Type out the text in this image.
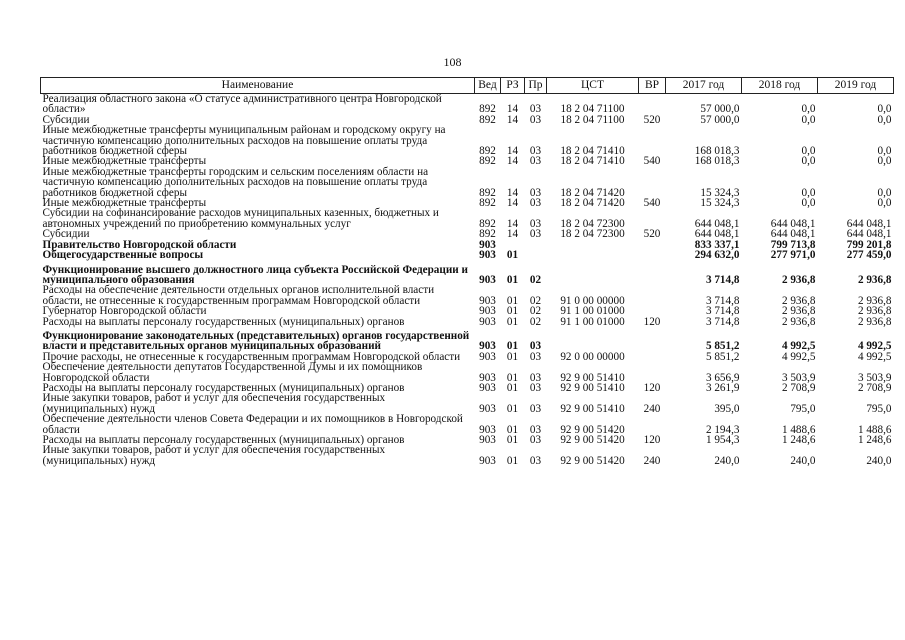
108
Наименование	Вед	РЗ	Пр	ЦСТ	ВР	2017 год	2018 год	2019 год
Реализация областного закона «О статусе административного центра Новгородской области»	892	14	03	18 2 04 71100		57 000,0	0,0	0,0
Субсидии	892	14	03	18 2 04 71100	520	57 000,0	0,0	0,0
Иные межбюджетные трансферты муниципальным районам и городскому округу на частичную компенсацию дополнительных расходов на повышение оплаты труда работников бюджетной сферы	892	14	03	18 2 04 71410		168 018,3	0,0	0,0
Иные межбюджетные трансферты	892	14	03	18 2 04 71410	540	168 018,3	0,0	0,0
Иные межбюджетные трансферты городским и сельским поселениям области на частичную компенсацию дополнительных расходов на повышение оплаты труда работников бюджетной сферы	892	14	03	18 2 04 71420		15 324,3	0,0	0,0
Иные межбюджетные трансферты	892	14	03	18 2 04 71420	540	15 324,3	0,0	0,0
Субсидии на софинансирование расходов муниципальных казенных, бюджетных и автономных учреждений по приобретению коммунальных услуг	892	14	03	18 2 04 72300		644 048,1	644 048,1	644 048,1
Субсидии	892	14	03	18 2 04 72300	520	644 048,1	644 048,1	644 048,1
Правительство Новгородской области	903					833 337,1	799 713,8	799 201,8
Общегосударственные вопросы	903	01				294 632,0	277 971,0	277 459,0

Функционирование высшего должностного лица субъекта Российской Федерации и муниципального образования	903	01	02			3 714,8	2 936,8	2 936,8
Расходы на обеспечение деятельности отдельных органов исполнительной власти области, не отнесенные к государственным программам Новгородской области	903	01	02	91 0 00 00000		3 714,8	2 936,8	2 936,8
Губернатор Новгородской области	903	01	02	91 1 00 01000		3 714,8	2 936,8	2 936,8
Расходы на выплаты персоналу государственных (муниципальных) органов	903	01	02	91 1 00 01000	120	3 714,8	2 936,8	2 936,8

Функционирование законодательных (представительных) органов государственной власти и представительных органов муниципальных образований	903	01	03			5 851,2	4 992,5	4 992,5
Прочие расходы, не отнесенные к государственным программам Новгородской области	903	01	03	92 0 00 00000		5 851,2	4 992,5	4 992,5
Обеспечение деятельности депутатов Государственной Думы и их помощников Новгородской области	903	01	03	92 9 00 51410		3 656,9	3 503,9	3 503,9
Расходы на выплаты персоналу государственных (муниципальных) органов	903	01	03	92 9 00 51410	120	3 261,9	2 708,9	2 708,9
Иные закупки товаров, работ и услуг для обеспечения государственных (муниципальных) нужд	903	01	03	92 9 00 51410	240	395,0	795,0	795,0
Обеспечение деятельности членов Совета Федерации и их помощников в Новгородской области	903	01	03	92 9 00 51420		2 194,3	1 488,6	1 488,6
Расходы на выплаты персоналу государственных (муниципальных) органов	903	01	03	92 9 00 51420	120	1 954,3	1 248,6	1 248,6
Иные закупки товаров, работ и услуг для обеспечения государственных (муниципальных) нужд	903	01	03	92 9 00 51420	240	240,0	240,0	240,0
